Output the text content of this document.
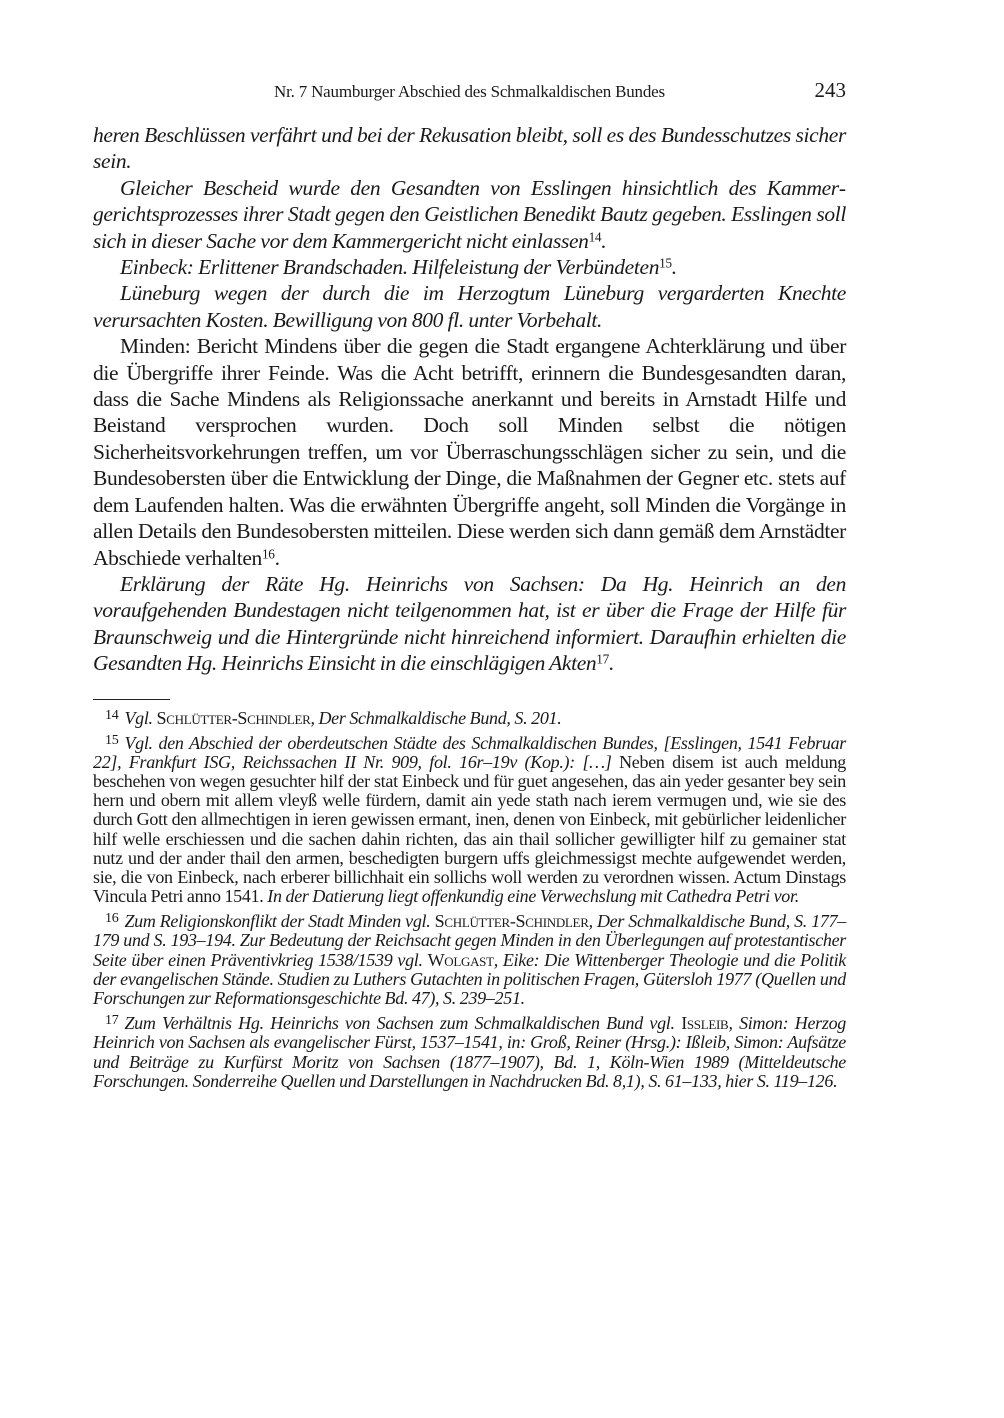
Nr. 7 Naumburger Abschied des Schmalkaldischen Bundes	243

heren Beschlüssen verfährt und bei der Rekusation bleibt, soll es des Bundesschutzes sicher sein.

Gleicher Bescheid wurde den Gesandten von Esslingen hinsichtlich des Kammergerichtsprozesses ihrer Stadt gegen den Geistlichen Benedikt Bautz gegeben. Esslingen soll sich in dieser Sache vor dem Kammergericht nicht einlassen$^{14}$.

Einbeck: Erlittener Brandschaden. Hilfeleistung der Verbündeten$^{15}$.

Lüneburg wegen der durch die im Herzogtum Lüneburg vergarderten Knechte verursachten Kosten. Bewilligung von 800 fl. unter Vorbehalt.

Minden: Bericht Mindens über die gegen die Stadt ergangene Achterklärung und über die Übergriffe ihrer Feinde. Was die Acht betrifft, erinnern die Bundesgesandten daran, dass die Sache Mindens als Religionssache anerkannt und bereits in Arnstadt Hilfe und Beistand versprochen wurden. Doch soll Minden selbst die nötigen Sicherheitsvorkehrungen treffen, um vor Überraschungsschlägen sicher zu sein, und die Bundesobersten über die Entwicklung der Dinge, die Maßnahmen der Gegner etc. stets auf dem Laufenden halten. Was die erwähnten Übergriffe angeht, soll Minden die Vorgänge in allen Details den Bundesobersten mitteilen. Diese werden sich dann gemäß dem Arnstädter Abschiede verhalten$^{16}$.

Erklärung der Räte Hg. Heinrichs von Sachsen: Da Hg. Heinrich an den voraufgehenden Bundestagen nicht teilgenommen hat, ist er über die Frage der Hilfe für Braunschweig und die Hintergründe nicht hinreichend informiert. Daraufhin erhielten die Gesandten Hg. Heinrichs Einsicht in die einschlägigen Akten$^{17}$.

$^{14}$ Vgl. Schlütter-Schindler, Der Schmalkaldische Bund, S. 201.

$^{15}$ Vgl. den Abschied der oberdeutschen Städte des Schmalkaldischen Bundes, [Esslingen, 1541 Februar 22], Frankfurt ISG, Reichssachen II Nr. 909, fol. 16r–19v (Kop.): […] Neben disem ist auch meldung beschehen von wegen gesuchter hilf der stat Einbeck und für guet angesehen, das ain yeder gesanter bey sein hern und obern mit allem vleyß welle fürdern, damit ain yede stath nach ierem vermugen und, wie sie des durch Gott den allmechtigen in ieren gewissen ermant, inen, denen von Einbeck, mit gebürlicher leidenlicher hilf welle erschiessen und die sachen dahin richten, das ain thail sollicher gewilligter hilf zu gemainer stat nutz und der ander thail den armen, beschedigten burgern uffs gleichmessigst mechte aufgewendet werden, sie, die von Einbeck, nach erberer billichhait ein sollichs woll werden zu verordnen wissen. Actum Dinstags Vincula Petri anno 1541. In der Datierung liegt offenkundig eine Verwechslung mit Cathedra Petri vor.

$^{16}$ Zum Religionskonflikt der Stadt Minden vgl. Schlütter-Schindler, Der Schmalkaldische Bund, S. 177–179 und S. 193–194. Zur Bedeutung der Reichsacht gegen Minden in den Überlegungen auf protestantischer Seite über einen Präventivkrieg 1538/1539 vgl. Wolgast, Eike: Die Wittenberger Theologie und die Politik der evangelischen Stände. Studien zu Luthers Gutachten in politischen Fragen, Gütersloh 1977 (Quellen und Forschungen zur Reformationsgeschichte Bd. 47), S. 239–251.

$^{17}$ Zum Verhältnis Hg. Heinrichs von Sachsen zum Schmalkaldischen Bund vgl. Issleib, Simon: Herzog Heinrich von Sachsen als evangelischer Fürst, 1537–1541, in: Groß, Reiner (Hrsg.): Ißleib, Simon: Aufsätze und Beiträge zu Kurfürst Moritz von Sachsen (1877–1907), Bd. 1, Köln-Wien 1989 (Mitteldeutsche Forschungen. Sonderreihe Quellen und Darstellungen in Nachdrucken Bd. 8,1), S. 61–133, hier S. 119–126.
